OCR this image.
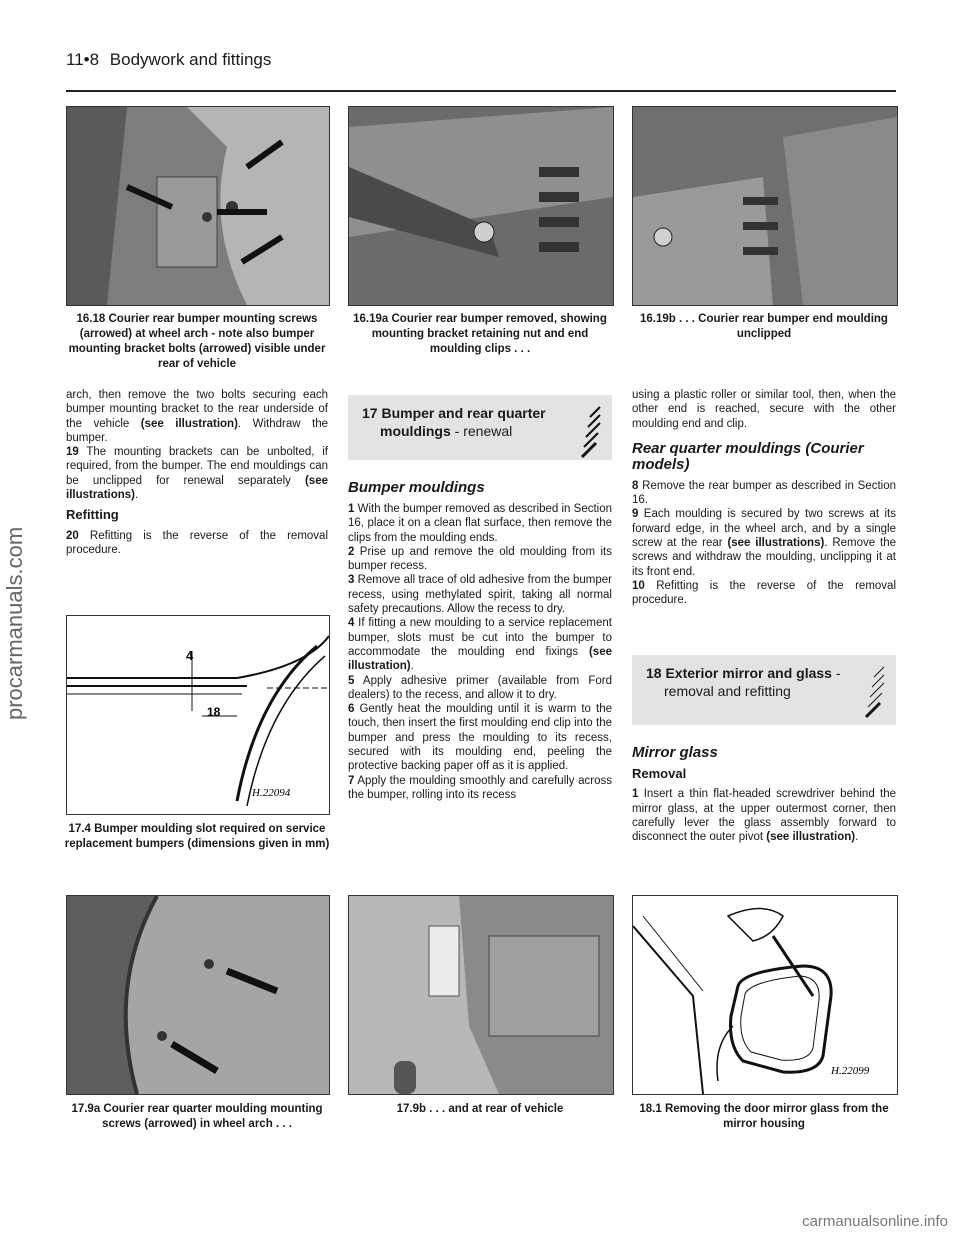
11•8 Bodywork and fittings
16.18 Courier rear bumper mounting screws (arrowed) at wheel arch - note also bumper mounting bracket bolts (arrowed) visible under rear of vehicle
16.19a Courier rear bumper removed, showing mounting bracket retaining nut and end moulding clips . . .
16.19b . . . Courier rear bumper end moulding unclipped

arch, then remove the two bolts securing each bumper mounting bracket to the rear underside of the vehicle (see illustration). Withdraw the bumper.

19 The mounting brackets can be unbolted, if required, from the bumper. The end mouldings can be unclipped for renewal separately (see illustrations).

Refitting

20 Refitting is the reverse of the removal procedure.

4
18
H.22094
17.4 Bumper moulding slot required on service replacement bumpers (dimensions given in mm)
17 Bumper and rear quarter
mouldings - renewal
Bumper mouldings

1 With the bumper removed as described in Section 16, place it on a clean flat surface, then remove the clips from the moulding ends.

2 Prise up and remove the old moulding from its bumper recess.

3 Remove all trace of old adhesive from the bumper recess, using methylated spirit, taking all normal safety precautions. Allow the recess to dry.

4 If fitting a new moulding to a service replacement bumper, slots must be cut into the bumper to accommodate the moulding end fixings (see illustration).

5 Apply adhesive primer (available from Ford dealers) to the recess, and allow it to dry.

6 Gently heat the moulding until it is warm to the touch, then insert the first moulding end clip into the bumper and press the moulding to its recess, secured with its moulding end, peeling the protective backing paper off as it is applied.

7 Apply the moulding smoothly and carefully across the bumper, rolling into its recess

using a plastic roller or similar tool, then, when the other end is reached, secure with the other moulding end and clip.

Rear quarter mouldings (Courier models)

8 Remove the rear bumper as described in Section 16.

9 Each moulding is secured by two screws at its forward edge, in the wheel arch, and by a single screw at the rear (see illustrations). Remove the screws and withdraw the moulding, unclipping it at its front end.

10 Refitting is the reverse of the removal procedure.

18 Exterior mirror and glass -
removal and refitting
Mirror glass
Removal

1 Insert a thin flat-headed screwdriver behind the mirror glass, at the upper outermost corner, then carefully lever the glass assembly forward to disconnect the outer pivot (see illustration).

17.9a Courier rear quarter moulding mounting screws (arrowed) in wheel arch . . .
17.9b . . . and at rear of vehicle
H.22099
18.1 Removing the door mirror glass from the mirror housing
procarmanuals.com
carmanualsonline.info
